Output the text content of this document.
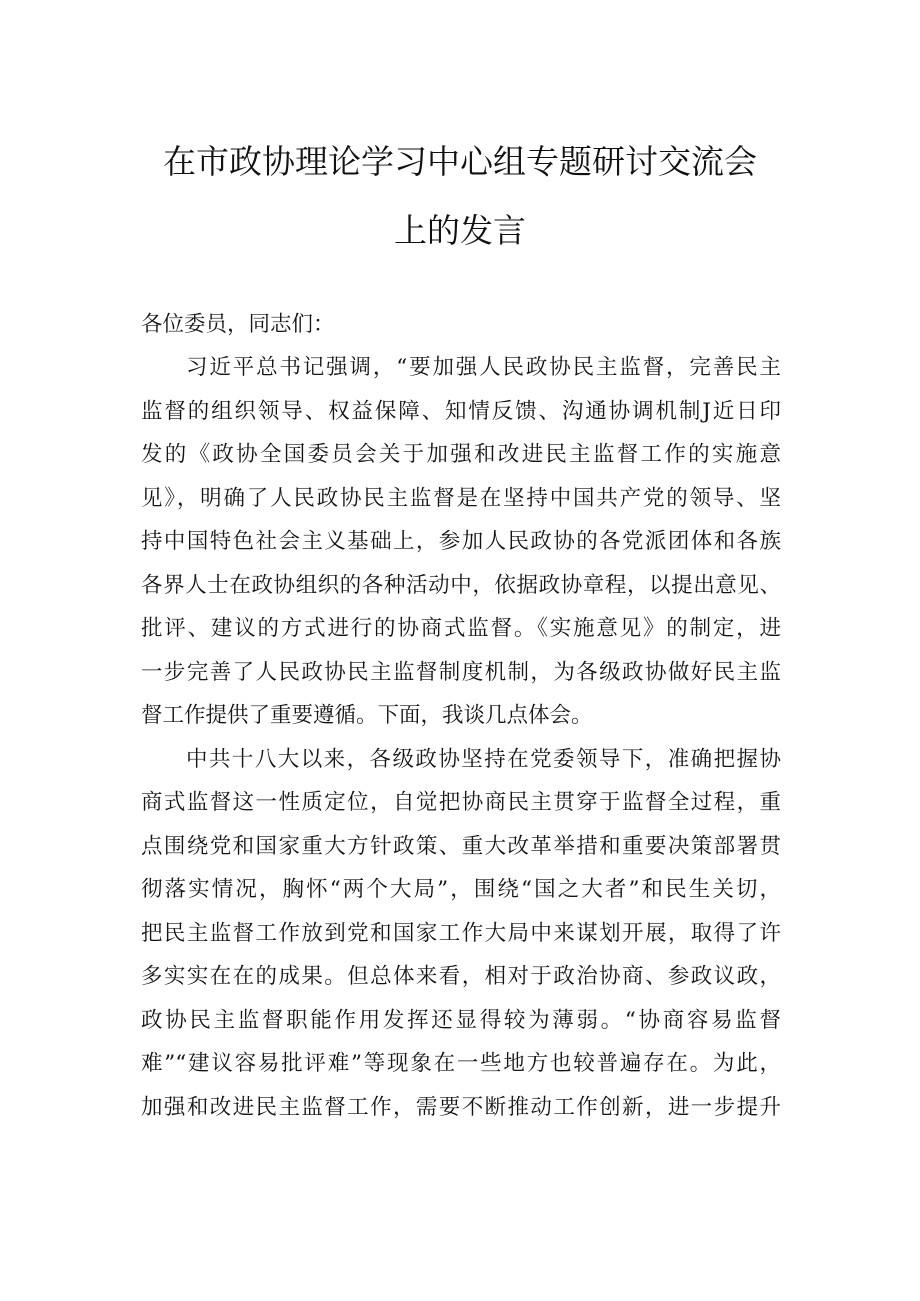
在市政协理论学习中心组专题研讨交流会
上的发言
各位委员，同志们：
习近平总书记强调，“要加强人民政协民主监督，完善民主
监督的组织领导、权益保障、知情反馈、沟通协调机制J近日印
发的《政协全国委员会关于加强和改进民主监督工作的实施意
见》，明确了人民政协民主监督是在坚持中国共产党的领导、坚
持中国特色社会主义基础上，参加人民政协的各党派团体和各族
各界人士在政协组织的各种活动中，依据政协章程，以提出意见、
批评、建议的方式进行的协商式监督。《实施意见》的制定，进
一步完善了人民政协民主监督制度机制，为各级政协做好民主监
督工作提供了重要遵循。下面，我谈几点体会。
中共十八大以来，各级政协坚持在党委领导下，准确把握协
商式监督这一性质定位，自觉把协商民主贯穿于监督全过程，重
点围绕党和国家重大方针政策、重大改革举措和重要决策部署贯
彻落实情况，胸怀“两个大局”，围绕“国之大者”和民生关切，
把民主监督工作放到党和国家工作大局中来谋划开展，取得了许
多实实在在的成果。但总体来看，相对于政治协商、参政议政，
政协民主监督职能作用发挥还显得较为薄弱。“协商容易监督
难”“建议容易批评难”等现象在一些地方也较普遍存在。为此，
加强和改进民主监督工作，需要不断推动工作创新，进一步提升
